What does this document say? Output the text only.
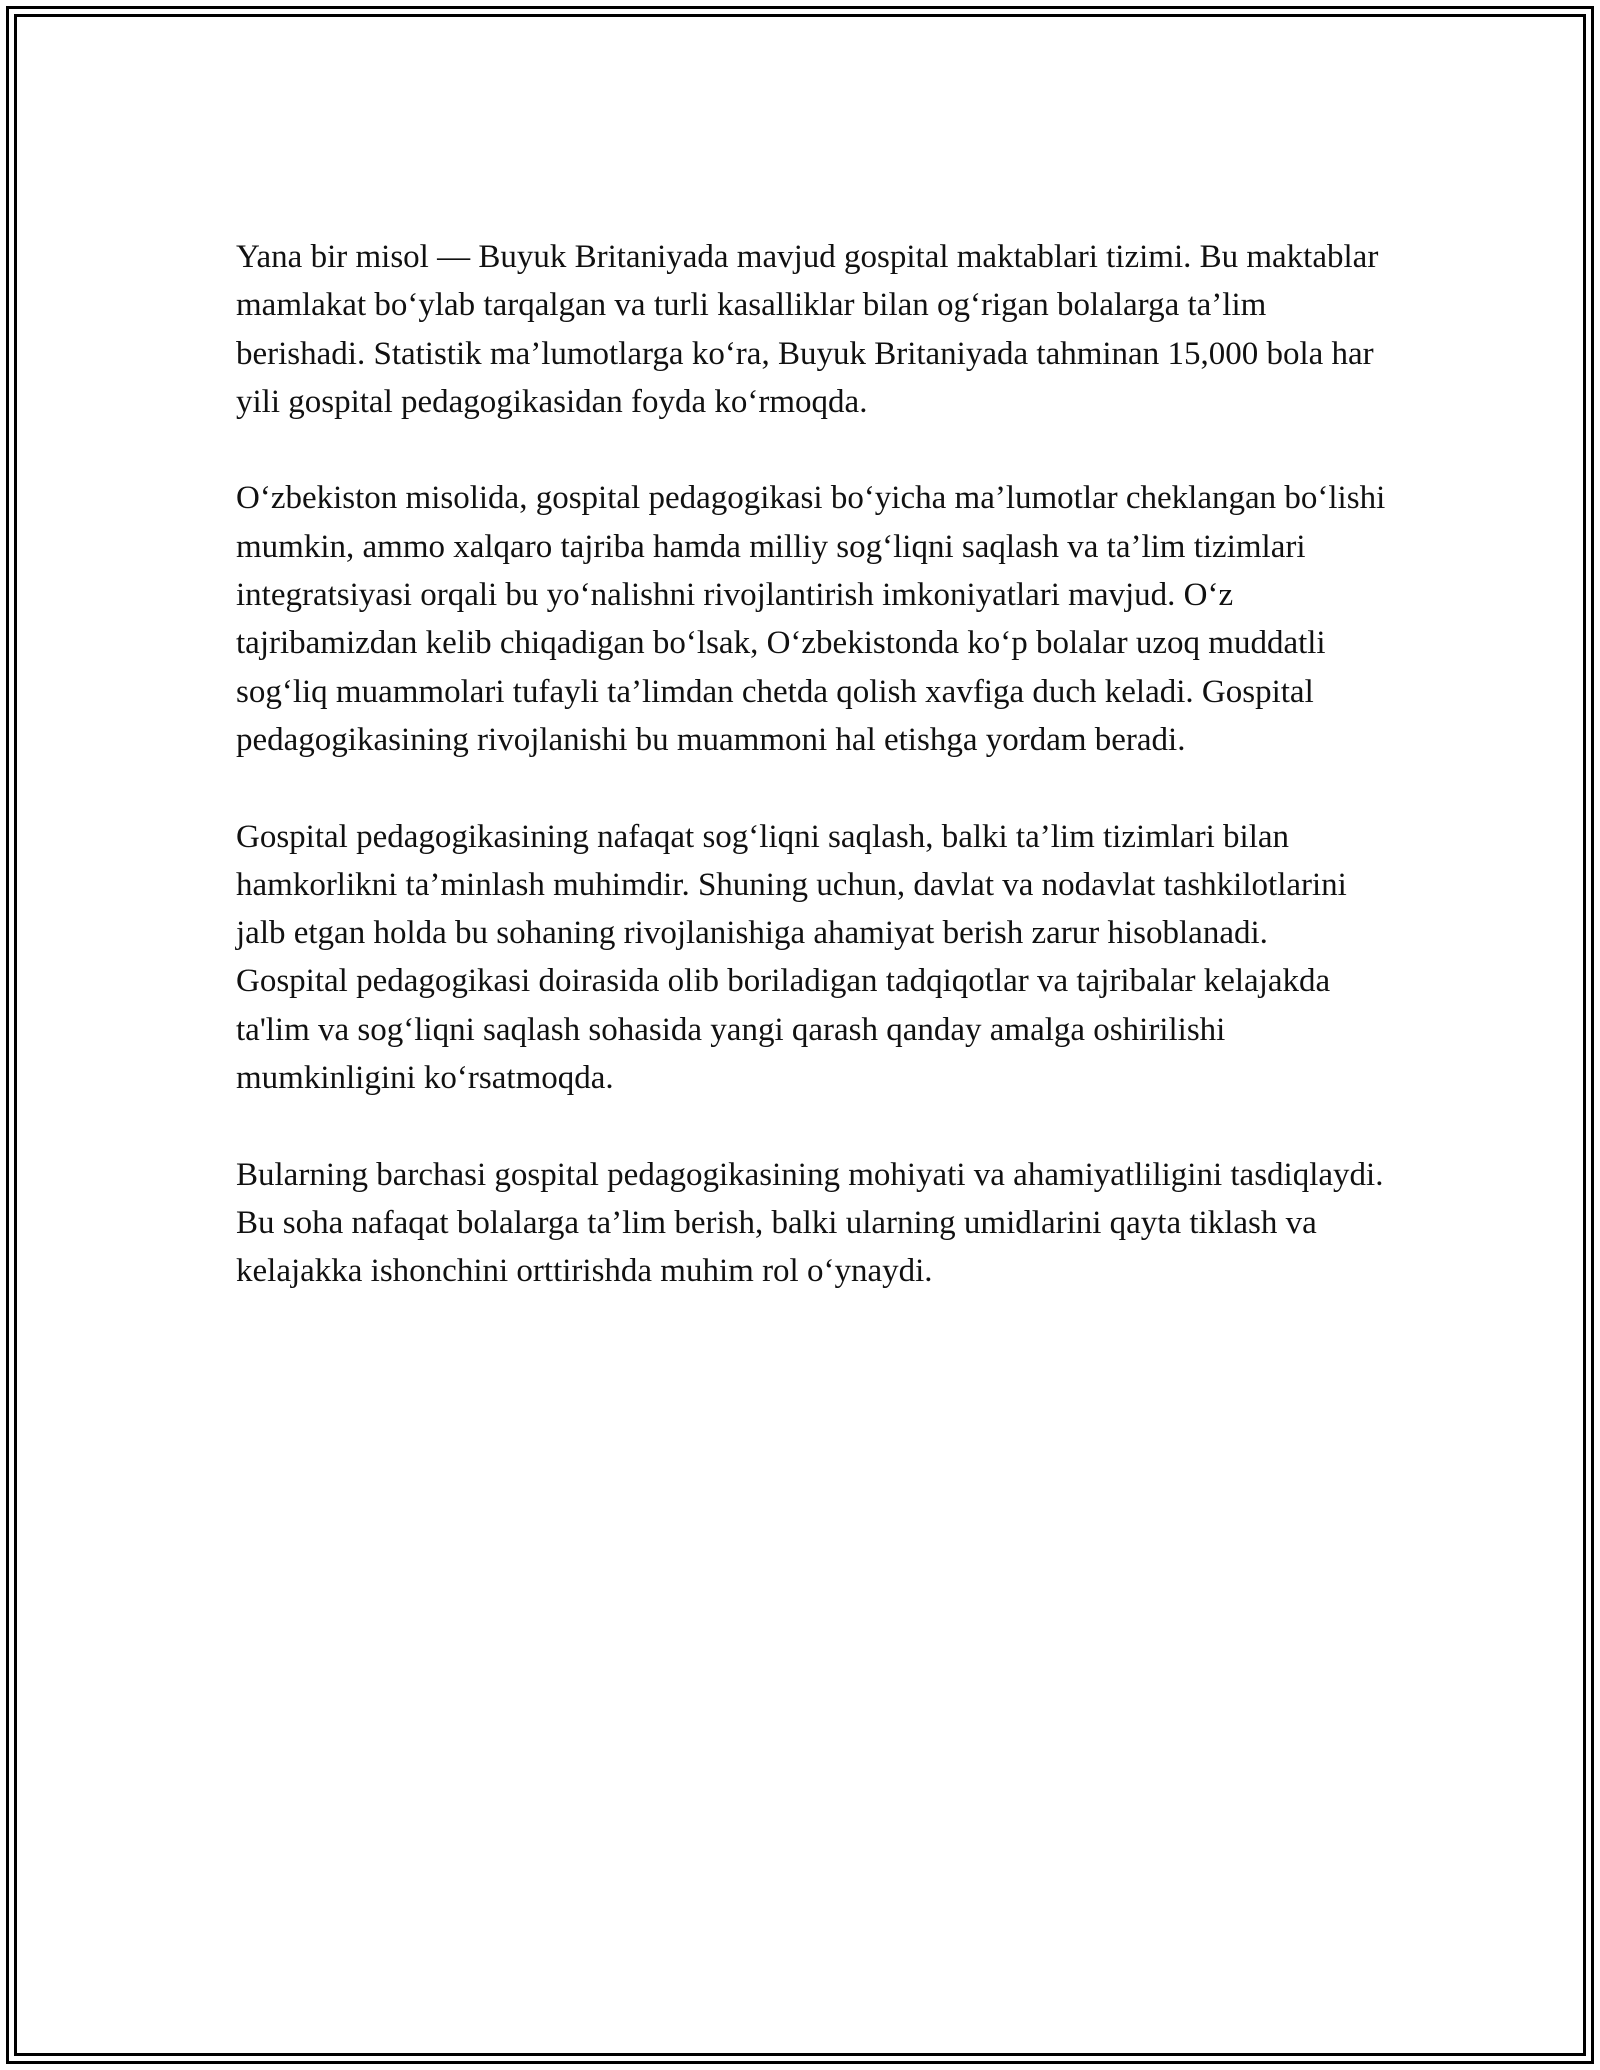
Yana bir misol — Buyuk Britaniyada mavjud gospital maktablari tizimi. Bu maktablar mamlakat bo‘ylab tarqalgan va turli kasalliklar bilan og‘rigan bolalarga ta’lim berishadi. Statistik ma’lumotlarga ko‘ra, Buyuk Britaniyada tahminan 15,000 bola har yili gospital pedagogikasidan foyda ko‘rmoqda.

O‘zbekiston misolida, gospital pedagogikasi bo‘yicha ma’lumotlar cheklangan bo‘lishi mumkin, ammo xalqaro tajriba hamda milliy sog‘liqni saqlash va ta’lim tizimlari integratsiyasi orqali bu yo‘nalishni rivojlantirish imkoniyatlari mavjud. O‘z tajribamizdan kelib chiqadigan bo‘lsak, O‘zbekistonda ko‘p bolalar uzoq muddatli sog‘liq muammolari tufayli ta’limdan chetda qolish xavfiga duch keladi. Gospital pedagogikasining rivojlanishi bu muammoni hal etishga yordam beradi.

Gospital pedagogikasining nafaqat sog‘liqni saqlash, balki ta’lim tizimlari bilan hamkorlikni ta’minlash muhimdir. Shuning uchun, davlat va nodavlat tashkilotlarini jalb etgan holda bu sohaning rivojlanishiga ahamiyat berish zarur hisoblanadi. Gospital pedagogikasi doirasida olib boriladigan tadqiqotlar va tajribalar kelajakda ta'lim va sog‘liqni saqlash sohasida yangi qarash qanday amalga oshirilishi mumkinligini ko‘rsatmoqda.

Bularning barchasi gospital pedagogikasining mohiyati va ahamiyatliligini tasdiqlaydi. Bu soha nafaqat bolalarga ta’lim berish, balki ularning umidlarini qayta tiklash va kelajakka ishonchini orttirishda muhim rol o‘ynaydi.
